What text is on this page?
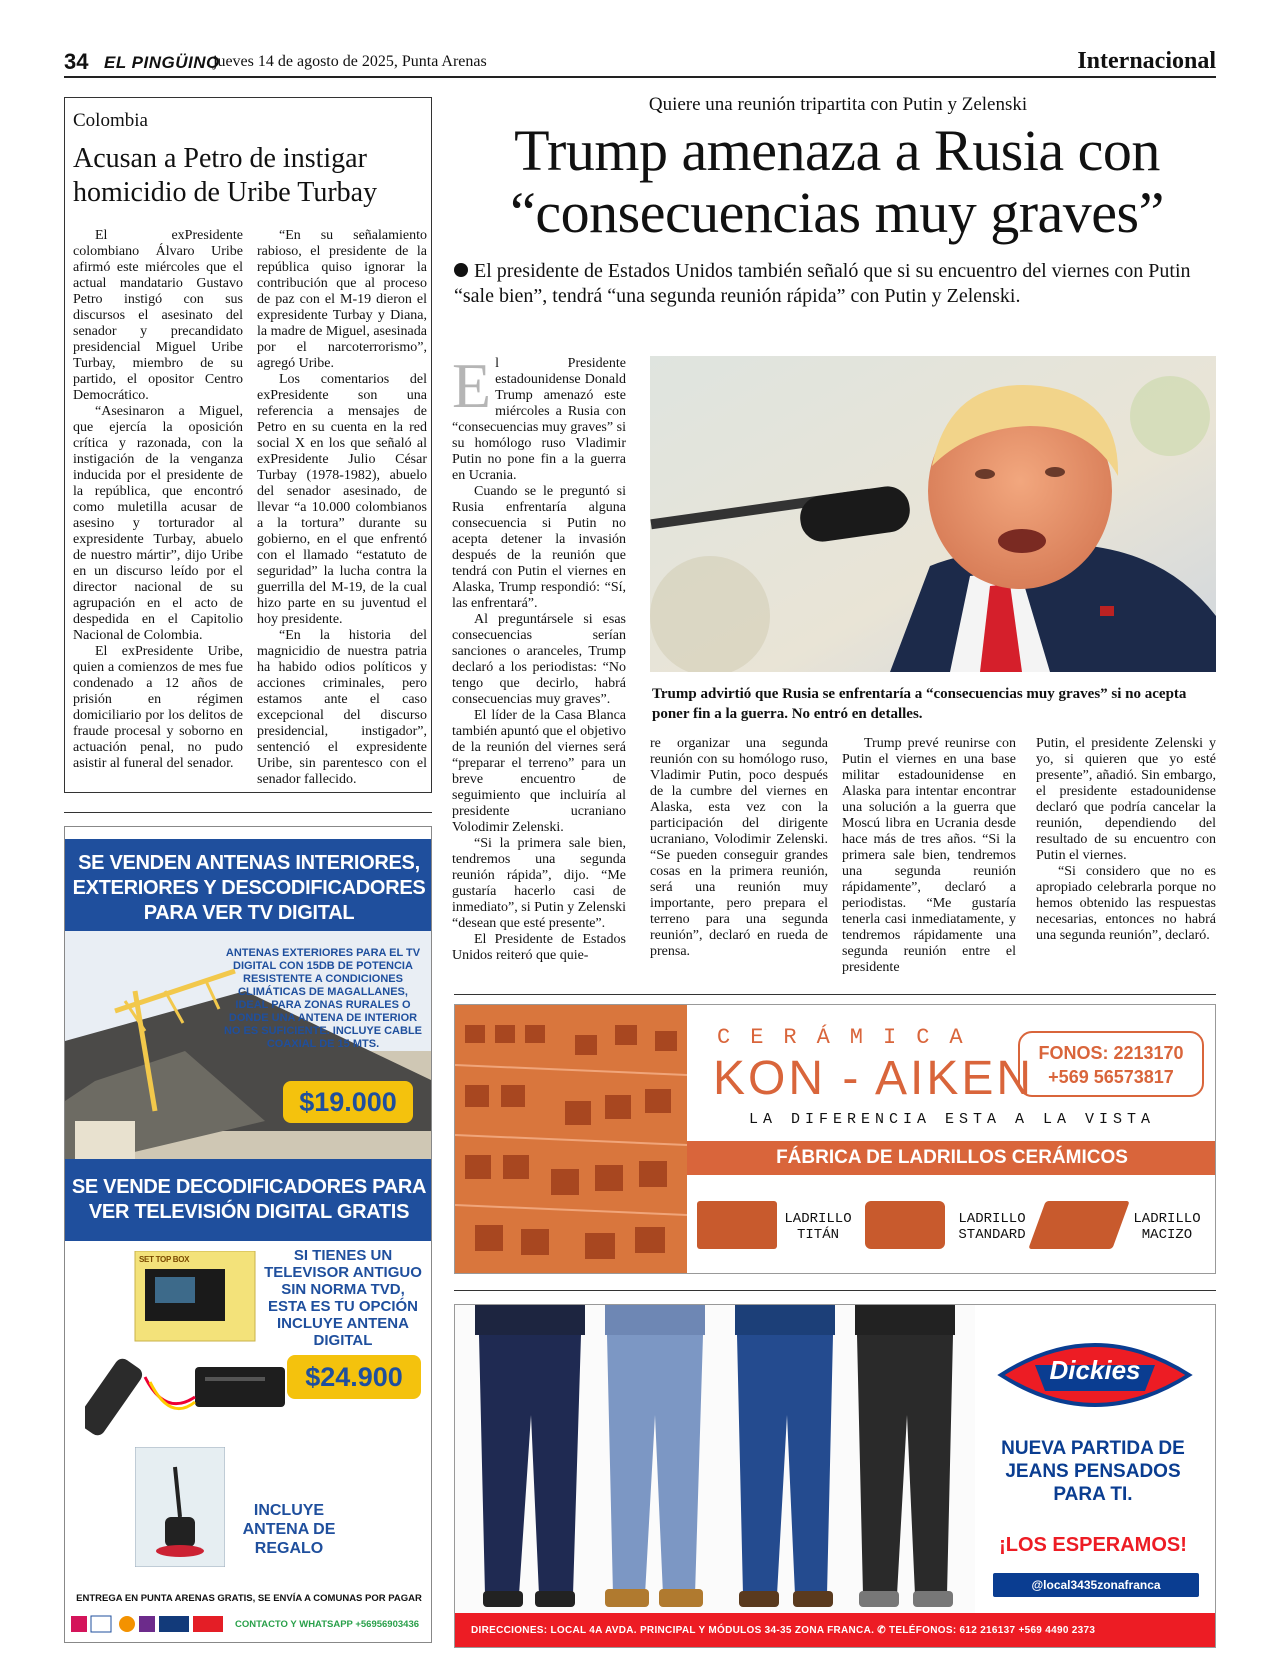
34 EL PINGÜINO
jueves 14 de agosto de 2025, Punta Arenas	Internacional
Colombia
Acusan a Petro de instigar homicidio de Uribe Turbay

El exPresidente colombiano Álvaro Uribe afirmó este miércoles que el actual mandatario Gustavo Petro instigó con sus discursos el asesinato del senador y precandidato presidencial Miguel Uribe Turbay, miembro de su partido, el opositor Centro Democrático.

“Asesinaron a Miguel, que ejercía la oposición crítica y razonada, con la instigación de la venganza inducida por el presidente de la república, que encontró como muletilla acusar de asesino y torturador al expresidente Turbay, abuelo de nuestro mártir”, dijo Uribe en un discurso leído por el director nacional de su agrupación en el acto de despedida en el Capitolio Nacional de Colombia.

El exPresidente Uribe, quien a comienzos de mes fue condenado a 12 años de prisión en régimen domiciliario por los delitos de fraude procesal y soborno en actuación penal, no pudo asistir al funeral del senador.

“En su señalamiento rabioso, el presidente de la república quiso ignorar la contribución que al proceso de paz con el M-19 dieron el expresidente Turbay y Diana, la madre de Miguel, asesinada por el narcoterrorismo”, agregó Uribe.

Los comentarios del exPresidente son una referencia a mensajes de Petro en su cuenta en la red social X en los que señaló al exPresidente Julio César Turbay (1978-1982), abuelo del senador asesinado, de llevar “a 10.000 colombianos a la tortura” durante su gobierno, en el que enfrentó con el llamado “estatuto de seguridad” la lucha contra la guerrilla del M-19, de la cual hizo parte en su juventud el hoy presidente.

“En la historia del magnicidio de nuestra patria ha habido odios políticos y acciones criminales, pero estamos ante el caso excepcional del discurso presidencial, instigador”, sentenció el expresidente Uribe, sin parentesco con el senador fallecido.

Quiere una reunión tripartita con Putin y Zelenski
Trump amenaza a Rusia con “consecuencias muy graves”
El presidente de Estados Unidos también señaló que si su encuentro del viernes con Putin “sale bien”, tendrá “una segunda reunión rápida” con Putin y Zelenski.

El Presidente estadounidense Donald Trump amenazó este miércoles a Rusia con “consecuencias muy graves” si su homólogo ruso Vladimir Putin no pone fin a la guerra en Ucrania.

Cuando se le preguntó si Rusia enfrentaría alguna consecuencia si Putin no acepta detener la invasión después de la reunión que tendrá con Putin el viernes en Alaska, Trump respondió: “Sí, las enfrentará”.

Al preguntársele si esas consecuencias serían sanciones o aranceles, Trump declaró a los periodistas: “No tengo que decirlo, habrá consecuencias muy graves”.

El líder de la Casa Blanca también apuntó que el objetivo de la reunión del viernes será “preparar el terreno” para un breve encuentro de seguimiento que incluiría al presidente ucraniano Volodimir Zelenski.

“Si la primera sale bien, tendremos una segunda reunión rápida”, dijo. “Me gustaría hacerlo casi de inmediato”, si Putin y Zelenski “desean que esté presente”.

El Presidente de Estados Unidos reiteró que quie-

Trump advirtió que Rusia se enfrentaría a “consecuencias muy graves” si no acepta poner fin a la guerra. No entró en detalles.

re organizar una segunda reunión con su homólogo ruso, Vladimir Putin, poco después de la cumbre del viernes en Alaska, esta vez con la participación del dirigente ucraniano, Volodimir Zelenski. “Se pueden conseguir grandes cosas en la primera reunión, será una reunión muy importante, pero prepara el terreno para una segunda reunión”, declaró en rueda de prensa.

Trump prevé reunirse con Putin el viernes en una base militar estadounidense en Alaska para intentar encontrar una solución a la guerra que Moscú libra en Ucrania desde hace más de tres años. “Si la primera sale bien, tendremos una segunda reunión rápidamente”, declaró a periodistas. “Me gustaría tenerla casi inmediatamente, y tendremos rápidamente una segunda reunión entre el presidente

Putin, el presidente Zelenski y yo, si quieren que yo esté presente”, añadió. Sin embargo, el presidente estadounidense declaró que podría cancelar la reunión, dependiendo del resultado de su encuentro con Putin el viernes.

“Si considero que no es apropiado celebrarla porque no hemos obtenido las respuestas necesarias, entonces no habrá una segunda reunión”, declaró.

SE VENDEN ANTENAS INTERIORES, EXTERIORES Y DESCODIFICADORES PARA VER TV DIGITAL
ANTENAS EXTERIORES PARA EL TV DIGITAL CON 15DB DE POTENCIA RESISTENTE A CONDICIONES CLIMÁTICAS DE MAGALLANES, IDEAL PARA ZONAS RURALES O DONDE UNA ANTENA DE INTERIOR NO ES SUFICIENTE. INCLUYE CABLE COAXIAL DE 15 MTS.
$19.000
SE VENDE DECODIFICADORES PARA VER TELEVISIÓN DIGITAL GRATIS
SET TOP BOX	SI TIENES UN TELEVISOR ANTIGUO SIN NORMA TVD, ESTA ES TU OPCIÓN INCLUYE ANTENA DIGITAL
$24.900
INCLUYE ANTENA DE REGALO
ENTREGA EN PUNTA ARENAS GRATIS, SE ENVÍA A COMUNAS POR PAGAR
CONTACTO Y WHATSAPP +56956903436
CERÁMICA
KON - AIKEN FONOS: 2213170
+569 56573817
LA DIFERENCIA ESTA A LA VISTA
FÁBRICA DE LADRILLOS CERÁMICOS
LADRILLO TITÁN
LADRILLO STANDARD
LADRILLO MACIZO
Dickies
NUEVA PARTIDA DE JEANS PENSADOS PARA TI.
¡LOS ESPERAMOS!
@local3435zonafranca
DIRECCIONES: LOCAL 4A AVDA. PRINCIPAL Y MÓDULOS 34-35 ZONA FRANCA. ✆ TELÉFONOS: 612 216137 +569 4490 2373
